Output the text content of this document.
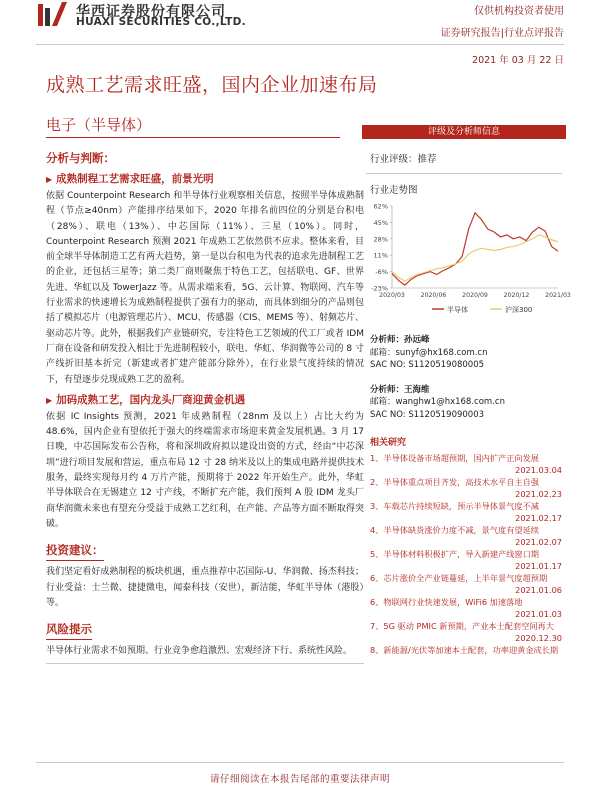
华西证券股份有限公司
HUAXI SECURITIES CO.,LTD.
仅供机构投资者使用
证券研究报告|行业点评报告
2021 年 03 月 22 日
成熟工艺需求旺盛，国内企业加速布局
电子（半导体）
分析与判断：
▶ 成熟制程工艺需求旺盛，前景光明
依据 Counterpoint Research 和半导体行业观察相关信息，按照半导体成熟制程（节点≥40nm）产能排序结果如下，2020 年排名前四位的分别是台积电（28%）、联电（13%）、中芯国际（11%）、三星（10%）。同时，Counterpoint Research 预测 2021 年成熟工艺依然供不应求。整体来看，目前全球半导体制造工艺有两大趋势，第一是以台积电为代表的追求先进制程工艺的企业，还包括三星等；第二类厂商则聚焦于特色工艺，包括联电、GF、世界先进、华虹以及 TowerJazz 等。从需求端来看，5G、云计算、物联网、汽车等行业需求的快速增长为成熟制程提供了强有力的驱动，而具体到细分的产品则包括了模拟芯片（电源管理芯片）、MCU、传感器（CIS、MEMS 等）、射频芯片、驱动芯片等。此外，根据我们产业链研究，专注特色工艺领域的代工厂或者 IDM 厂商在设备和研发投入相比于先进制程较小，联电、华虹、华润微等公司的 8 寸产线折旧基本折完（新建或者扩建产能部分除外），在行业景气度持续的情况下，有望逐步兑现成熟工艺的盈利。
▶ 加码成熟工艺，国内龙头厂商迎黄金机遇
依据 IC Insights 预测，2021 年成熟制程（28nm 及以上）占比大约为 48.6%，国内企业有望依托于强大的终端需求市场迎来黄金发展机遇。3 月 17 日晚，中芯国际发布公告称，将和深圳政府拟以建设出资的方式，经由“中芯深圳”进行项目发展和营运，重点布局 12 寸 28 纳米及以上的集成电路并提供技术服务，最终实现每月约 4 万片产能，预期将于 2022 年开始生产。此外，华虹半导体联合在无锡建立 12 寸产线，不断扩充产能，我们预判 A 股 IDM 龙头厂商华润微未来也有望充分受益于成熟工艺红利，在产能、产品等方面不断取得突破。
投资建议：
我们坚定看好成熟制程的板块机遇，重点推荐中芯国际-U、华润微、扬杰科技；行业受益：士兰微、捷捷微电，闻泰科技（安世），新洁能，华虹半导体（港股）等。
风险提示
半导体行业需求不如预期、行业竞争愈趋激烈、宏观经济下行、系统性风险。
评级及分析师信息
行业评级：推荐
行业走势图
62%
45%
28%
11%
-6%
-23%
2020/03	2020/06	2020/09	2020/12	2021/03
半导体	沪深300
分析师：孙远峰
邮箱：sunyf@hx168.com.cn
SAC NO: S1120519080005
分析师：王海维
邮箱：wanghw1@hx168.com.cn
SAC NO: S1120519090003
相关研究
1、半导体设备市场超预期，国内扩产正向发展
2021.03.04
2、半导体重点项目齐发，高技术水平自主自强
2021.02.23
3、车载芯片持续短缺，预示半导体景气度不减
2021.02.17
4、半导体缺货涨价力度不减，景气度有望延续
2021.02.07
5、半导体材料积极扩产，导入新建产线窗口期
2021.01.17
6、芯片涨价全产业链蔓延，上半年景气度超预期
2021.01.06
6、物联网行业快速发展，WiFi6 加速落地
2021.01.03
7、5G 驱动 PMIC 新预期，产业本土配套空间再大
2020.12.30
8、新能源/光伏等加速本土配套，功率迎黄金成长期
请仔细阅读在本报告尾部的重要法律声明
